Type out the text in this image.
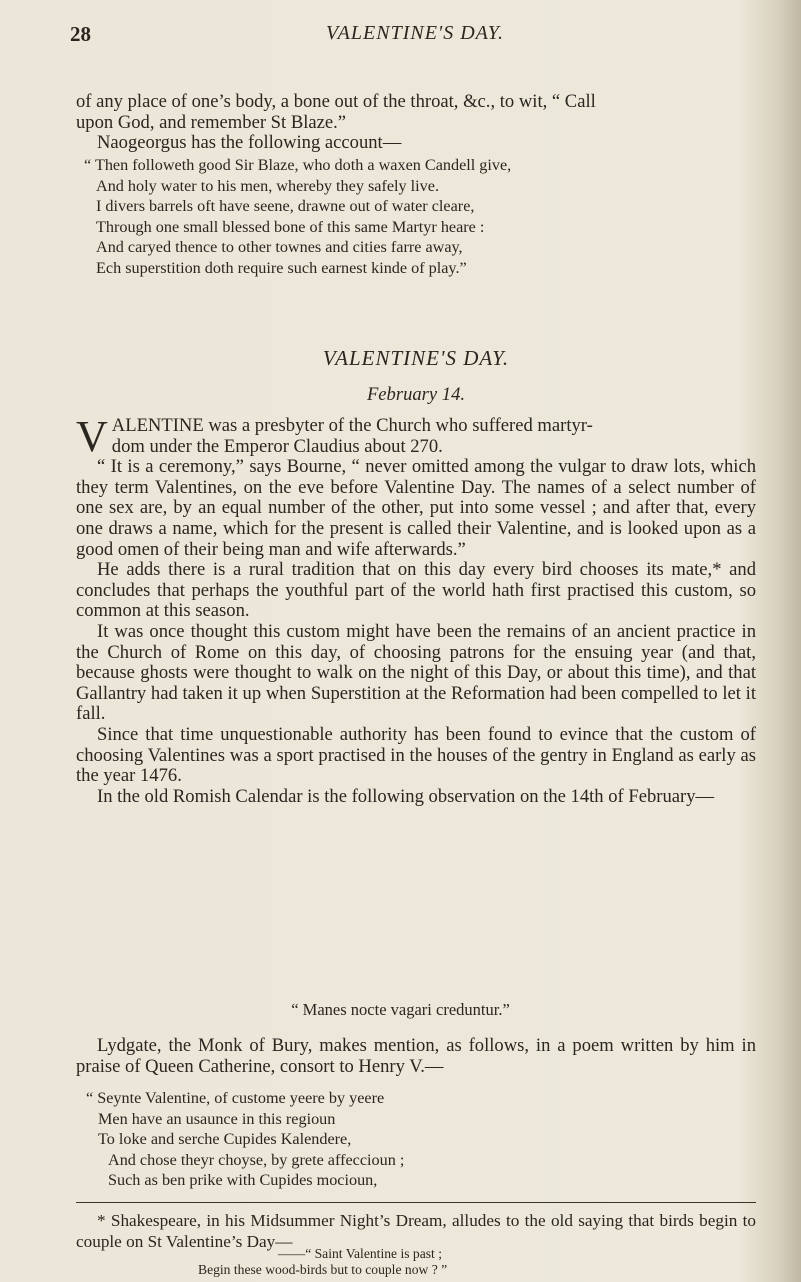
28	VALENTINE'S DAY.

of any place of one’s body, a bone out of the throat, &c., to wit, “ Call

upon God, and remember St Blaze.”

Naogeorgus has the following account—

“ Then followeth good Sir Blaze, who doth a waxen Candell give,
And holy water to his men, whereby they safely live.
I divers barrels oft have seene, drawne out of water cleare,
Through one small blessed bone of this same Martyr heare :
And caryed thence to other townes and cities farre away,
Ech superstition doth require such earnest kinde of play.”
VALENTINE'S DAY.
February 14.
V ALENTINE was a presbyter of the Church who suffered martyr-

dom under the Emperor Claudius about 270.

“ It is a ceremony,” says Bourne, “ never omitted among the vulgar to draw lots, which they term Valentines, on the eve before Valentine Day. The names of a select number of one sex are, by an equal number of the other, put into some vessel ; and after that, every one draws a name, which for the present is called their Valentine, and is looked upon as a good omen of their being man and wife afterwards.”

He adds there is a rural tradition that on this day every bird chooses its mate,* and concludes that perhaps the youthful part of the world hath first practised this custom, so common at this season.

It was once thought this custom might have been the remains of an ancient practice in the Church of Rome on this day, of choosing patrons for the ensuing year (and that, because ghosts were thought to walk on the night of this Day, or about this time), and that Gallantry had taken it up when Superstition at the Reformation had been compelled to let it fall.

Since that time unquestionable authority has been found to evince that the custom of choosing Valentines was a sport practised in the houses of the gentry in England as early as the year 1476.

In the old Romish Calendar is the following observation on the 14th of February—

“ Manes nocte vagari creduntur.”

Lydgate, the Monk of Bury, makes mention, as follows, in a poem written by him in praise of Queen Catherine, consort to Henry V.—

“ Seynte Valentine, of custome yeere by yeere
Men have an usaunce in this regioun
To loke and serche Cupides Kalendere,
And chose theyr choyse, by grete affeccioun ;
Such as ben prike with Cupides mocioun,

* Shakespeare, in his Midsummer Night’s Dream, alludes to the old saying that birds begin to couple on St Valentine’s Day—

——“ Saint Valentine is past ;
Begin these wood-birds but to couple now ? ”
